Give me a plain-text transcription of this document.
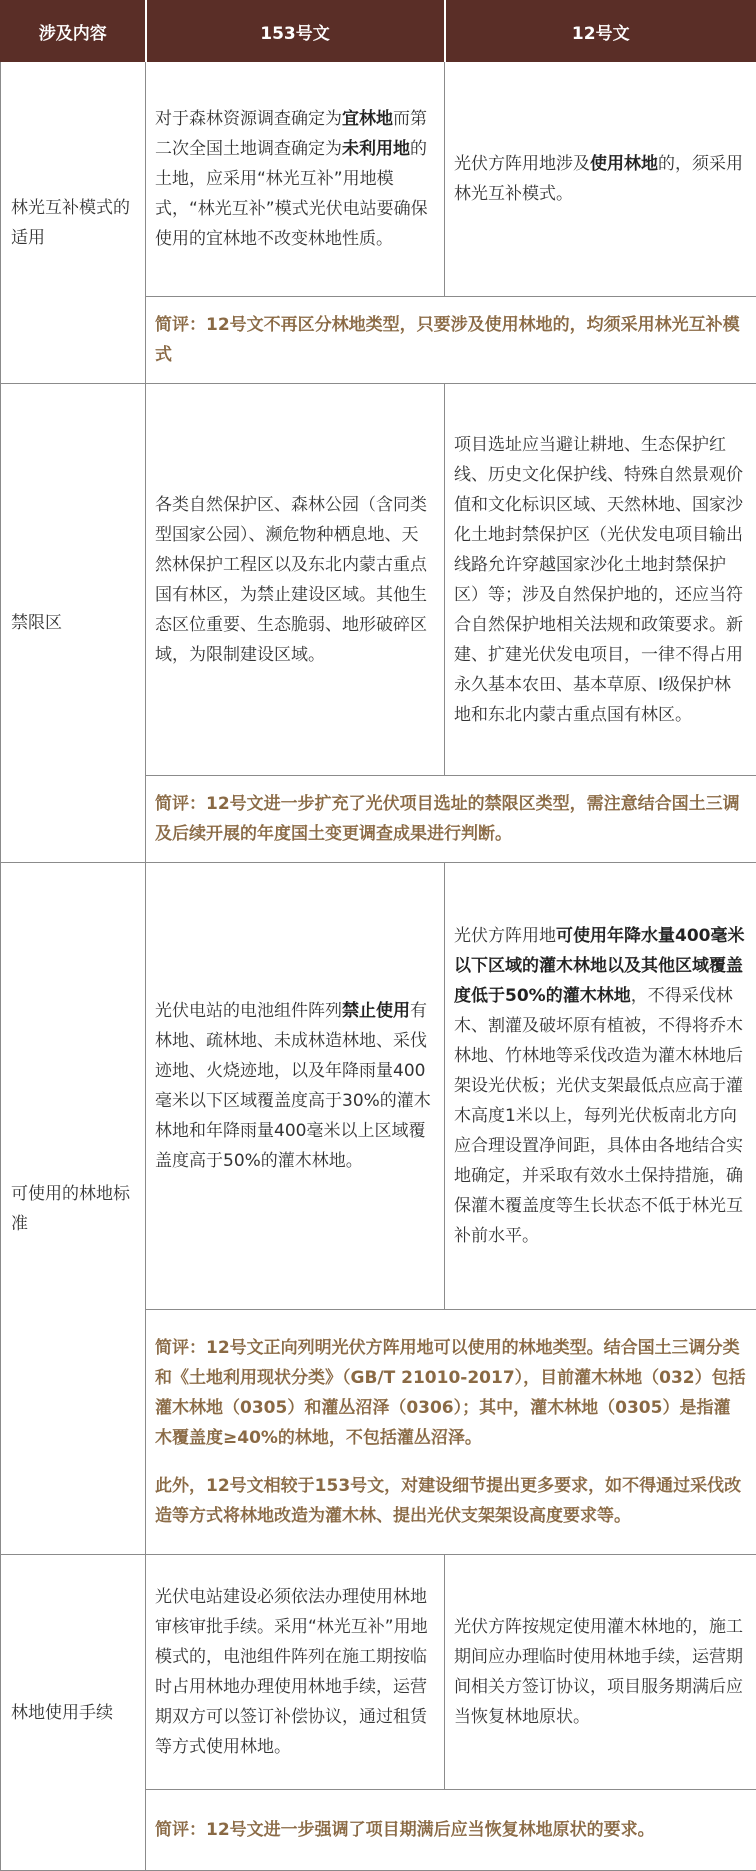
涉及内容	153号文	12号文
林光互补模式的适用	对于森林资源调查确定为宜林地而第二次全国土地调查确定为未利用地的土地，应采用“林光互补”用地模式，“林光互补”模式光伏电站要确保使用的宜林地不改变林地性质。	光伏方阵用地涉及使用林地的，须采用林光互补模式。

	简评：12号文不再区分林地类型，只要涉及使用林地的，均须采用林光互补模式	

禁限区	各类自然保护区、森林公园（含同类型国家公园）、濒危物种栖息地、天然林保护工程区以及东北内蒙古重点国有林区，为禁止建设区域。其他生态区位重要、生态脆弱、地形破碎区域，为限制建设区域。	项目选址应当避让耕地、生态保护红线、历史文化保护线、特殊自然景观价值和文化标识区域、天然林地、国家沙化土地封禁保护区（光伏发电项目输出线路允许穿越国家沙化土地封禁保护区）等；涉及自然保护地的，还应当符合自然保护地相关法规和政策要求。新建、扩建光伏发电项目，一律不得占用永久基本农田、基本草原、Ⅰ级保护林地和东北内蒙古重点国有林区。

	简评：12号文进一步扩充了光伏项目选址的禁限区类型，需注意结合国土三调及后续开展的年度国土变更调查成果进行判断。	

可使用的林地标准	光伏电站的电池组件阵列禁止使用有林地、疏林地、未成林造林地、采伐迹地、火烧迹地，以及年降雨量400毫米以下区域覆盖度高于30%的灌木林地和年降雨量400毫米以上区域覆盖度高于50%的灌木林地。	光伏方阵用地可使用年降水量400毫米以下区域的灌木林地以及其他区域覆盖度低于50%的灌木林地，不得采伐林木、割灌及破坏原有植被，不得将乔木林地、竹林地等采伐改造为灌木林地后架设光伏板；光伏支架最低点应高于灌木高度1米以上，每列光伏板南北方向应合理设置净间距，具体由各地结合实地确定，并采取有效水土保持措施，确保灌木覆盖度等生长状态不低于林光互补前水平。

	简评：12号文正向列明光伏方阵用地可以使用的林地类型。结合国土三调分类和《土地利用现状分类》（GB/T 21010-2017），目前灌木林地（032）包括灌木林地（0305）和灌丛沼泽（0306）；其中，灌木林地（0305）是指灌木覆盖度≥40%的林地，不包括灌丛沼泽。

此外，12号文相较于153号文，对建设细节提出更多要求，如不得通过采伐改造等方式将林地改造为灌木林、提出光伏支架架设高度要求等。	

林地使用手续	光伏电站建设必须依法办理使用林地审核审批手续。采用“林光互补”用地模式的，电池组件阵列在施工期按临时占用林地办理使用林地手续，运营期双方可以签订补偿协议，通过租赁等方式使用林地。	光伏方阵按规定使用灌木林地的，施工期间应办理临时使用林地手续，运营期间相关方签订协议，项目服务期满后应当恢复林地原状。

	简评：12号文进一步强调了项目期满后应当恢复林地原状的要求。	
